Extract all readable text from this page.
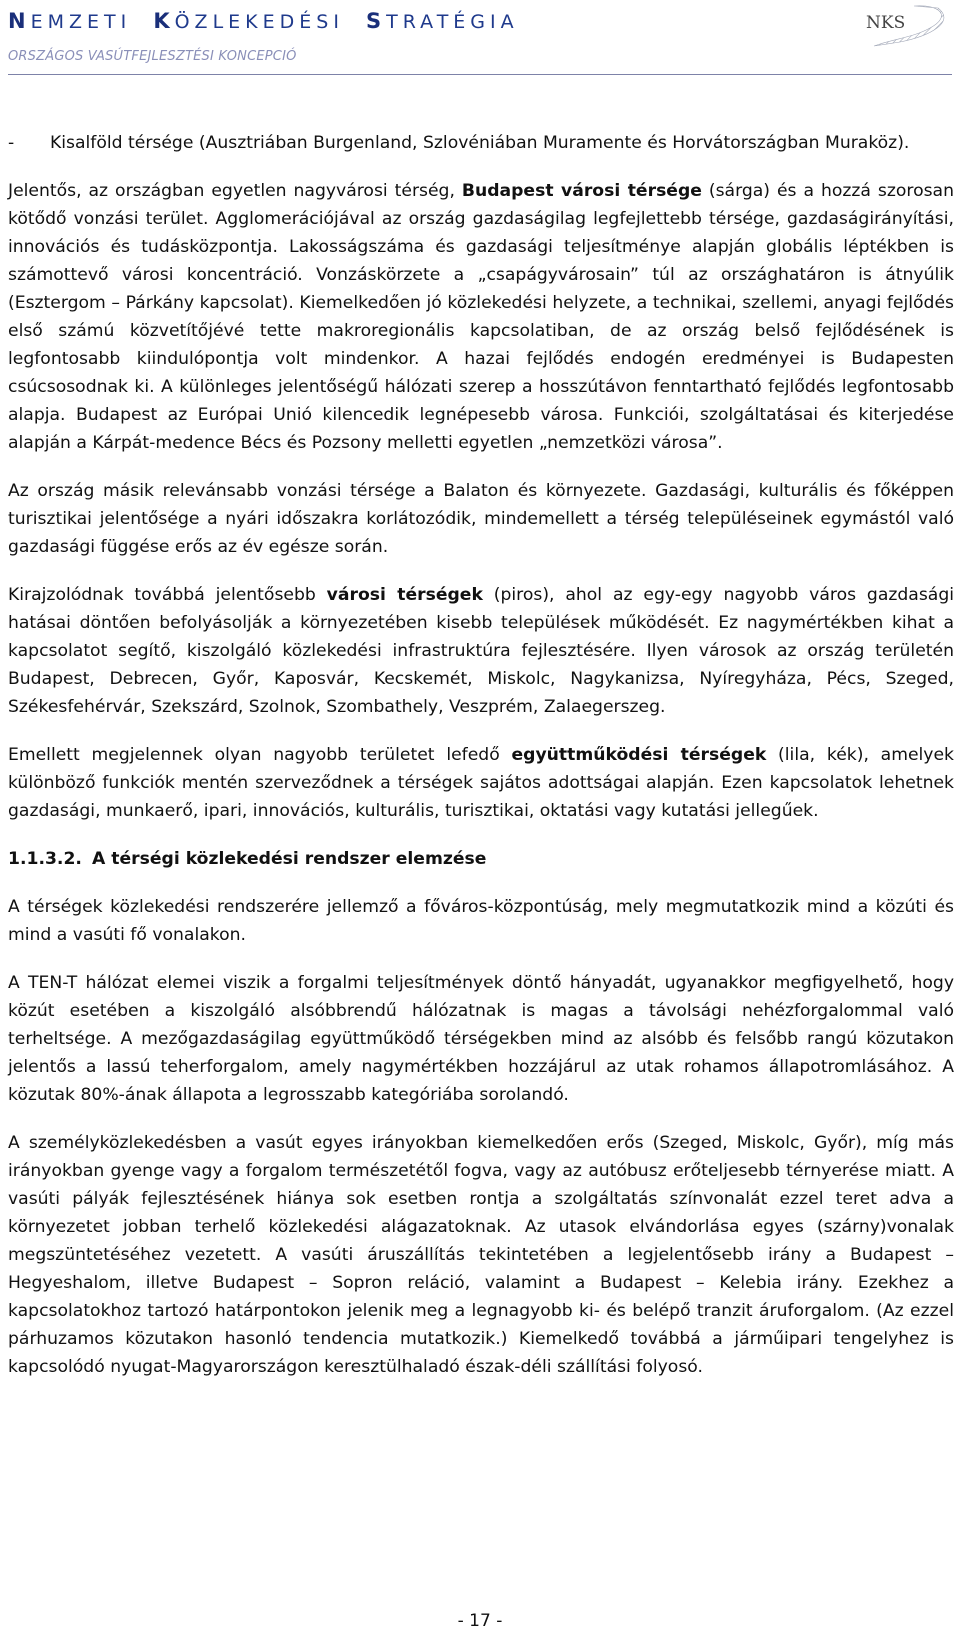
NEMZETI KÖZLEKEDÉSI STRATÉGIA
ORSZÁGOS VASÚTFEJLESZTÉSI KONCEPCIÓ
NKS
-	Kisalföld térsége (Ausztriában Burgenland, Szlovéniában Muramente és Horvátországban Muraköz).

Jelentős, az országban egyetlen nagyvárosi térség, Budapest városi térsége (sárga) és a hozzá szorosan kötődő vonzási terület. Agglomerációjával az ország gazdaságilag legfejlettebb térsége, gazdaságirányítási, innovációs és tudásközpontja. Lakosságszáma és gazdasági teljesítménye alapján globális léptékben is számottevő városi koncentráció. Vonzáskörzete a „csapágyvárosain” túl az országhatáron is átnyúlik (Esztergom – Párkány kapcsolat). Kiemelkedően jó közlekedési helyzete, a technikai, szellemi, anyagi fejlődés első számú közvetítőjévé tette makroregionális kapcsolatiban, de az ország belső fejlődésének is legfontosabb kiindulópontja volt mindenkor. A hazai fejlődés endogén eredményei is Budapesten csúcsosodnak ki. A különleges jelentőségű hálózati szerep a hosszútávon fenntartható fejlődés legfontosabb alapja. Budapest az Európai Unió kilencedik legnépesebb városa. Funkciói, szolgáltatásai és kiterjedése alapján a Kárpát-medence Bécs és Pozsony melletti egyetlen „nemzetközi városa”.

Az ország másik relevánsabb vonzási térsége a Balaton és környezete. Gazdasági, kulturális és főképpen turisztikai jelentősége a nyári időszakra korlátozódik, mindemellett a térség településeinek egymástól való gazdasági függése erős az év egésze során.

Kirajzolódnak továbbá jelentősebb városi térségek (piros), ahol az egy-egy nagyobb város gazdasági hatásai döntően befolyásolják a környezetében kisebb települések működését. Ez nagymértékben kihat a kapcsolatot segítő, kiszolgáló közlekedési infrastruktúra fejlesztésére. Ilyen városok az ország területén Budapest, Debrecen, Győr, Kaposvár, Kecskemét, Miskolc, Nagykanizsa, Nyíregyháza, Pécs, Szeged, Székesfehérvár, Szekszárd, Szolnok, Szombathely, Veszprém, Zalaegerszeg.

Emellett megjelennek olyan nagyobb területet lefedő együttműködési térségek (lila, kék), amelyek különböző funkciók mentén szerveződnek a térségek sajátos adottságai alapján. Ezen kapcsolatok lehetnek gazdasági, munkaerő, ipari, innovációs, kulturális, turisztikai, oktatási vagy kutatási jellegűek.

1.1.3.2. A térségi közlekedési rendszer elemzése

A térségek közlekedési rendszerére jellemző a főváros-központúság, mely megmutatkozik mind a közúti és mind a vasúti fő vonalakon.

A TEN-T hálózat elemei viszik a forgalmi teljesítmények döntő hányadát, ugyanakkor megfigyelhető, hogy közút esetében a kiszolgáló alsóbbrendű hálózatnak is magas a távolsági nehézforgalommal való terheltsége. A mezőgazdaságilag együttműködő térségekben mind az alsóbb és felsőbb rangú közutakon jelentős a lassú teherforgalom, amely nagymértékben hozzájárul az utak rohamos állapotromlásához. A közutak 80%-ának állapota a legrosszabb kategóriába sorolandó.

A személyközlekedésben a vasút egyes irányokban kiemelkedően erős (Szeged, Miskolc, Győr), míg más irányokban gyenge vagy a forgalom természetétől fogva, vagy az autóbusz erőteljesebb térnyerése miatt. A vasúti pályák fejlesztésének hiánya sok esetben rontja a szolgáltatás színvonalát ezzel teret adva a környezetet jobban terhelő közlekedési alágazatoknak. Az utasok elvándorlása egyes (szárny)vonalak megszüntetéséhez vezetett. A vasúti áruszállítás tekintetében a legjelentősebb irány a Budapest – Hegyeshalom, illetve Budapest – Sopron reláció, valamint a Budapest – Kelebia irány. Ezekhez a kapcsolatokhoz tartozó határpontokon jelenik meg a legnagyobb ki- és belépő tranzit áruforgalom. (Az ezzel párhuzamos közutakon hasonló tendencia mutatkozik.) Kiemelkedő továbbá a járműipari tengelyhez is kapcsolódó nyugat-Magyarországon keresztülhaladó észak-déli szállítási folyosó.

- 17 -
